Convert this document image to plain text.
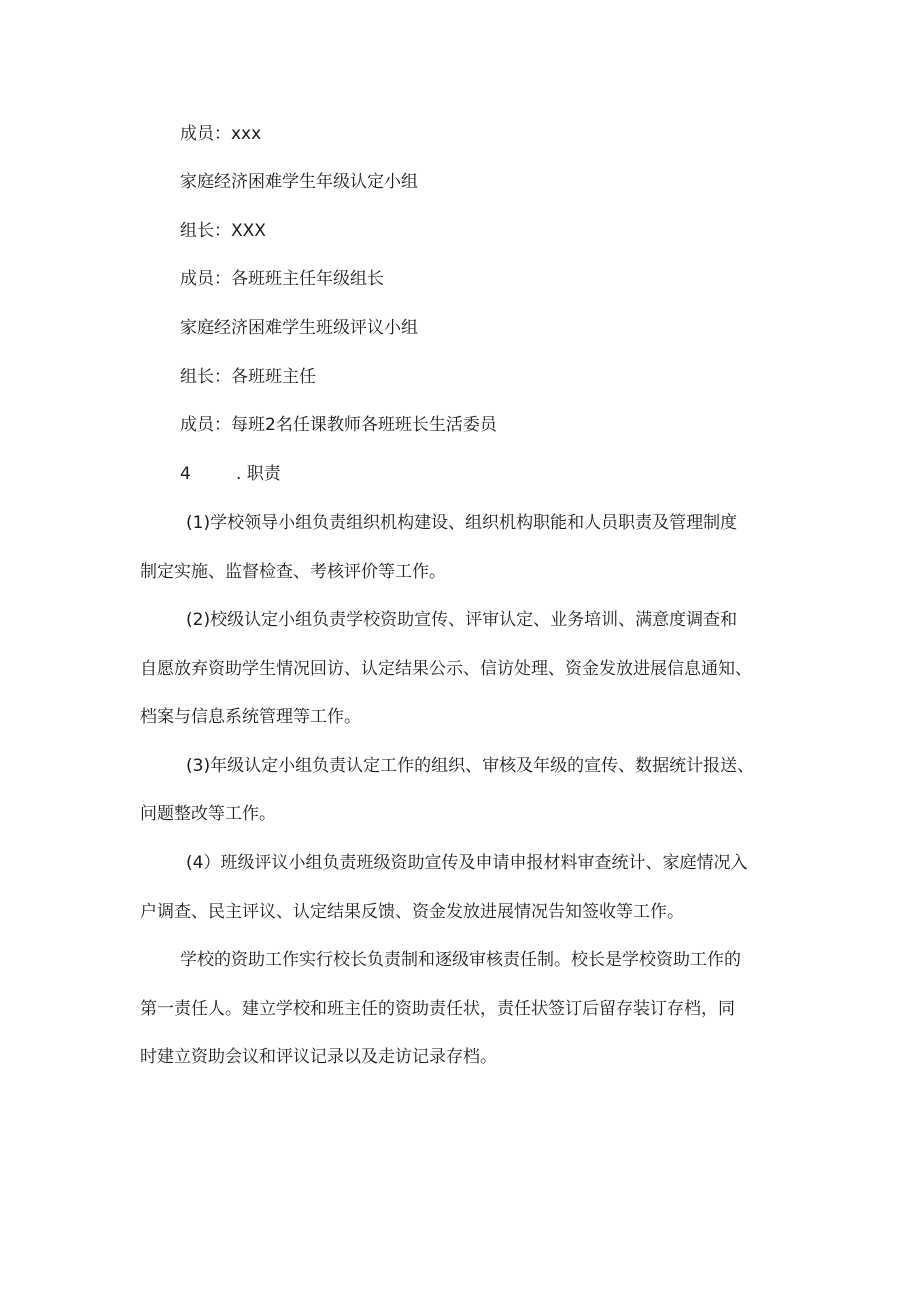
成员：xxx

家庭经济困难学生年级认定小组

组长：XXX

成员：各班班主任年级组长

家庭经济困难学生班级评议小组

组长：各班班主任

成员：每班2名任课教师各班班长生活委员

4	. 职责

(1)学校领导小组负责组织机构建设、组织机构职能和人员职责及管理制度

制定实施、监督检查、考核评价等工作。

(2)校级认定小组负责学校资助宣传、评审认定、业务培训、满意度调查和

自愿放弃资助学生情况回访、认定结果公示、信访处理、资金发放进展信息通知、

档案与信息系统管理等工作。

(3)年级认定小组负责认定工作的组织、审核及年级的宣传、数据统计报送、

问题整改等工作。

(4）班级评议小组负责班级资助宣传及申请申报材料审查统计、家庭情况入

户调查、民主评议、认定结果反馈、资金发放进展情况告知签收等工作。

学校的资助工作实行校长负责制和逐级审核责任制。校长是学校资助工作的

第一责任人。建立学校和班主任的资助责任状，责任状签订后留存装订存档，同

时建立资助会议和评议记录以及走访记录存档。
